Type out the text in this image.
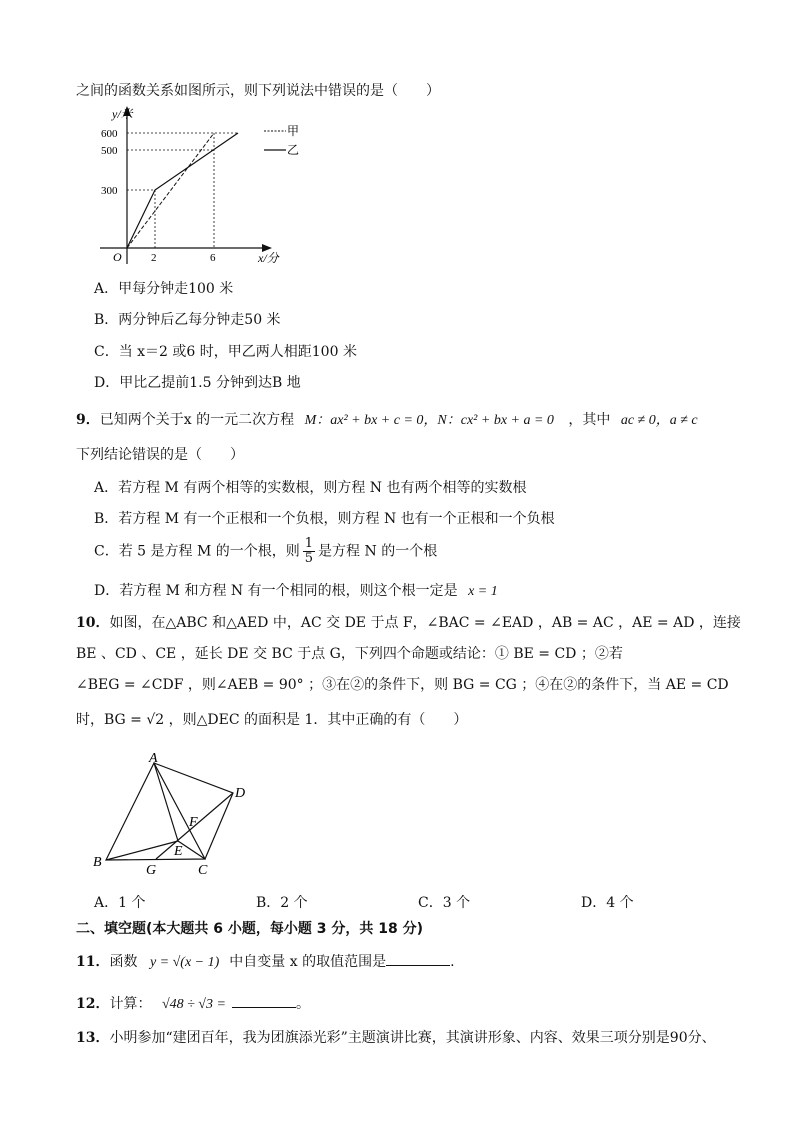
之间的函数关系如图所示，则下列说法中错误的是（　　）
y/米
600
500
300
O	2	6	x/分
甲
乙
A．甲每分钟走100 米
B．两分钟后乙每分钟走50 米
C．当 x＝2 或6 时，甲乙两人相距100 米
D．甲比乙提前1.5 分钟到达B 地
9．已知两个关于x 的一元二次方程 M：ax² + bx + c = 0，N：cx² + bx + a = 0 ，其中 ac ≠ 0，a ≠ c
下列结论错误的是（　　）
A．若方程 M 有两个相等的实数根，则方程 N 也有两个相等的实数根
B．若方程 M 有一个正根和一个负根，则方程 N 也有一个正根和一个负根
C．若 5 是方程 M 的一个根，则 $\frac{1}{5}$ 是方程 N 的一个根
D．若方程 M 和方程 N 有一个相同的根，则这个根一定是 x = 1
10．如图，在△ABC 和△AED 中，AC 交 DE 于点 F，∠BAC = ∠EAD ，AB = AC ，AE = AD ，连接
BE 、CD 、CE ，延长 DE 交 BC 于点 G，下列四个命题或结论：① BE = CD ；②若
∠BEG = ∠CDF ，则∠AEB = 90° ；③在②的条件下，则 BG = CG ；④在②的条件下，当 AE = CD
时，BG = √2 ，则△DEC 的面积是 1．其中正确的有（　　）
A
B
C
D
E
F
G
A．1 个	B．2 个	C．3 个	D．4 个
二、填空题(本大题共 6 小题，每小题 3 分，共 18 分)
11．函数 y = √(x − 1) 中自变量 x 的取值范围是	.
12．计算： √48 ÷ √3 =	。
13．小明参加“建团百年，我为团旗添光彩”主题演讲比赛，其演讲形象、内容、效果三项分别是90分、
